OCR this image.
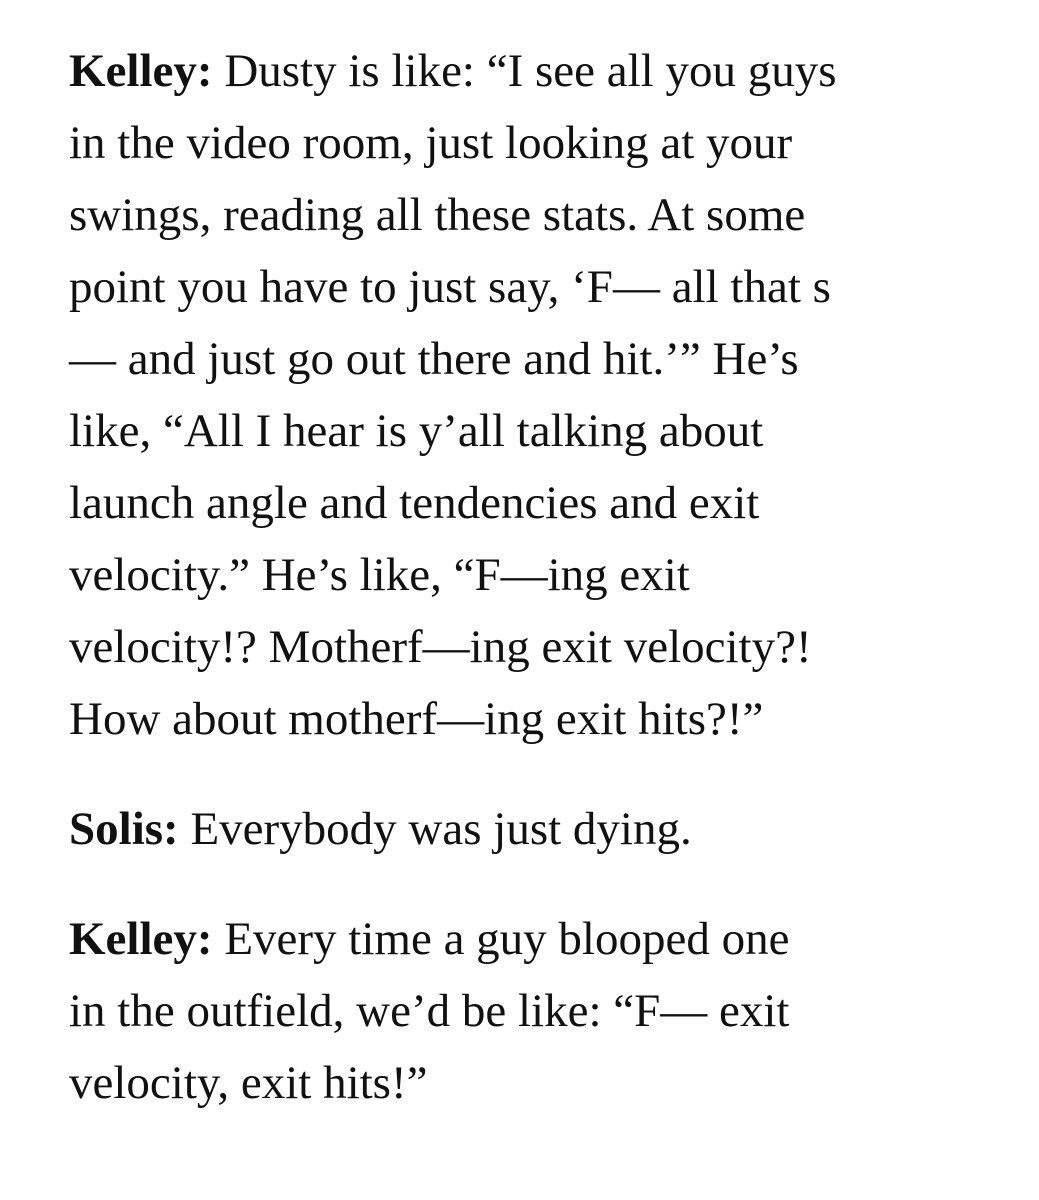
Kelley: Dusty is like: “I see all you guys
in the video room, just looking at your
swings, reading all these stats. At some
point you have to just say, ‘F— all that s
— and just go out there and hit.’” He’s
like, “All I hear is y’all talking about
launch angle and tendencies and exit
velocity.” He’s like, “F—ing exit
velocity!? Motherf—ing exit velocity?!
How about motherf—ing exit hits?!”
Solis: Everybody was just dying.
Kelley: Every time a guy blooped one
in the outfield, we’d be like: “F— exit
velocity, exit hits!”
